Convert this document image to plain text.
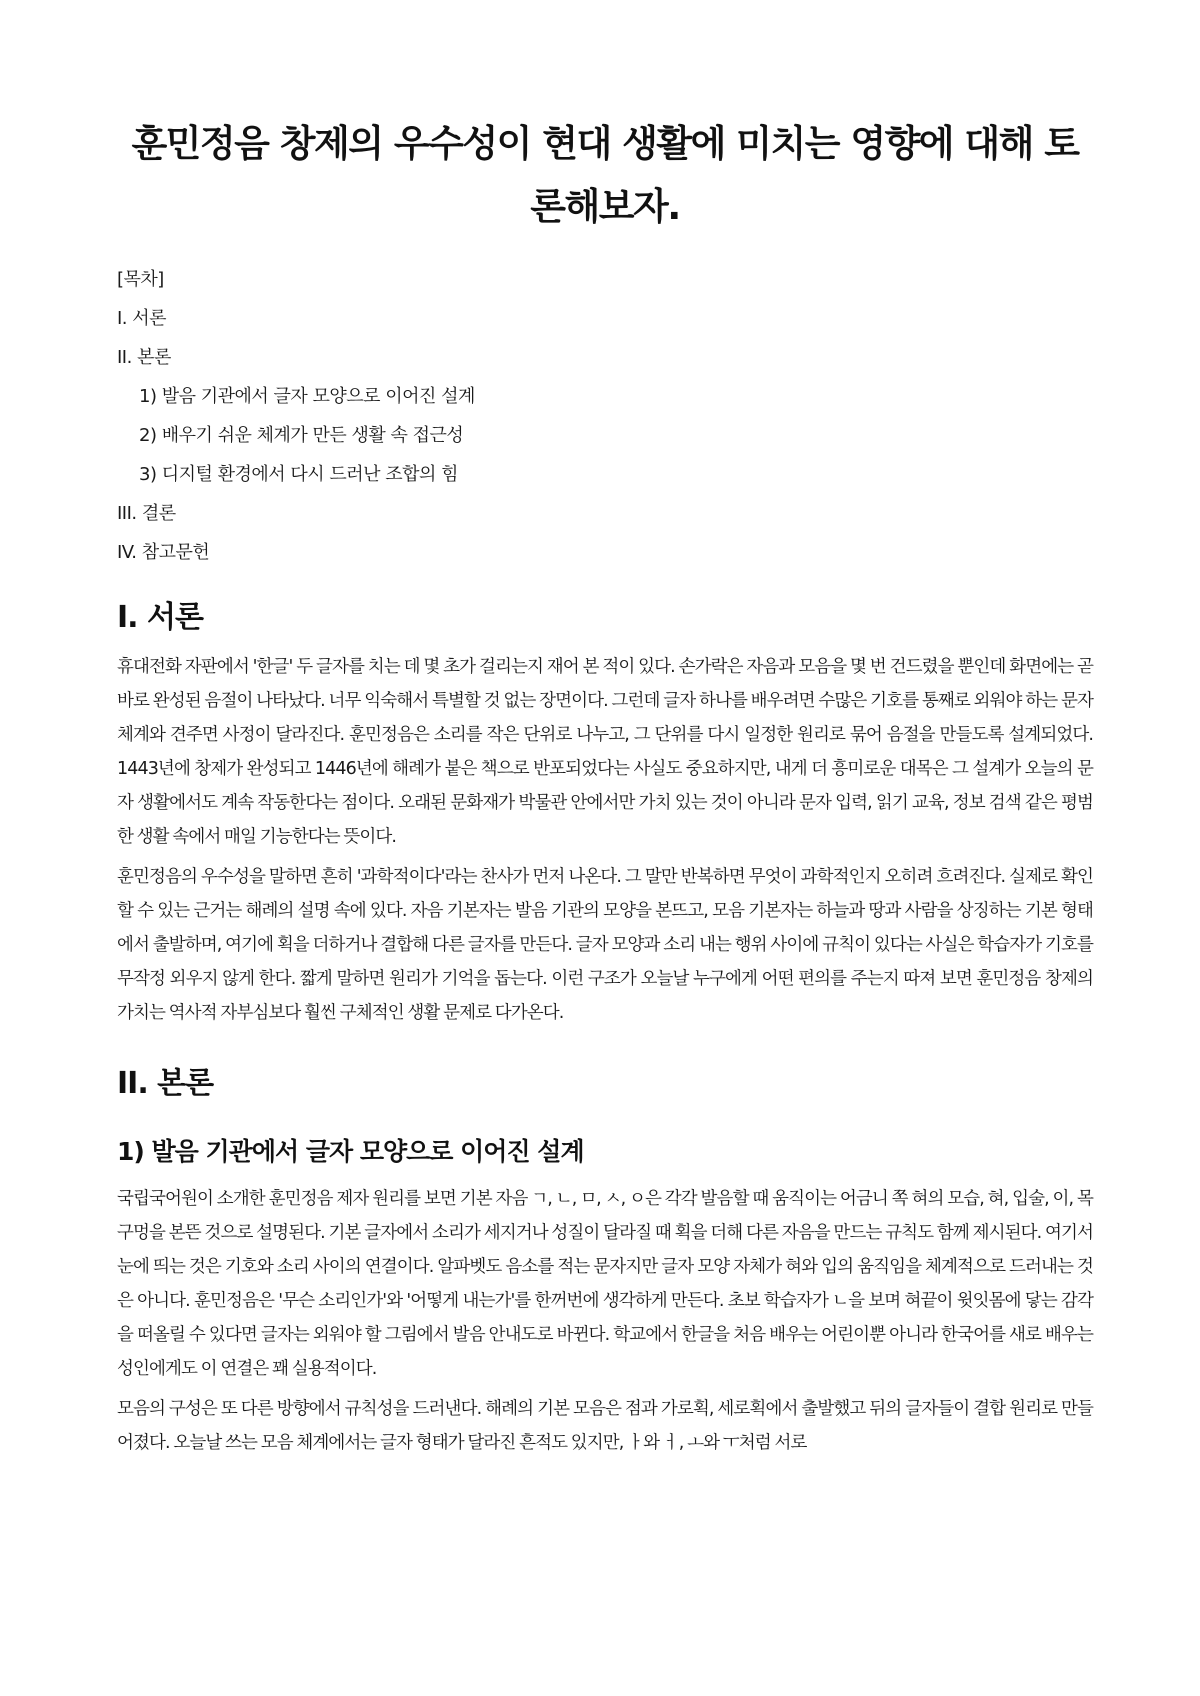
훈민정음 창제의 우수성이 현대 생활에 미치는 영향에 대해 토론해보자.
[목차]
I. 서론
II. 본론
1) 발음 기관에서 글자 모양으로 이어진 설계
2) 배우기 쉬운 체계가 만든 생활 속 접근성
3) 디지털 환경에서 다시 드러난 조합의 힘
III. 결론
IV. 참고문헌
I. 서론

휴대전화 자판에서 '한글' 두 글자를 치는 데 몇 초가 걸리는지 재어 본 적이 있다. 손가락은 자음과 모음을 몇 번 건드렸을 뿐인데 화면에는 곧바로 완성된 음절이 나타났다. 너무 익숙해서 특별할 것 없는 장면이다. 그런데 글자 하나를 배우려면 수많은 기호를 통째로 외워야 하는 문자 체계와 견주면 사정이 달라진다. 훈민정음은 소리를 작은 단위로 나누고, 그 단위를 다시 일정한 원리로 묶어 음절을 만들도록 설계되었다. 1443년에 창제가 완성되고 1446년에 해례가 붙은 책으로 반포되었다는 사실도 중요하지만, 내게 더 흥미로운 대목은 그 설계가 오늘의 문자 생활에서도 계속 작동한다는 점이다. 오래된 문화재가 박물관 안에서만 가치 있는 것이 아니라 문자 입력, 읽기 교육, 정보 검색 같은 평범한 생활 속에서 매일 기능한다는 뜻이다.

훈민정음의 우수성을 말하면 흔히 '과학적이다'라는 찬사가 먼저 나온다. 그 말만 반복하면 무엇이 과학적인지 오히려 흐려진다. 실제로 확인할 수 있는 근거는 해례의 설명 속에 있다. 자음 기본자는 발음 기관의 모양을 본뜨고, 모음 기본자는 하늘과 땅과 사람을 상징하는 기본 형태에서 출발하며, 여기에 획을 더하거나 결합해 다른 글자를 만든다. 글자 모양과 소리 내는 행위 사이에 규칙이 있다는 사실은 학습자가 기호를 무작정 외우지 않게 한다. 짧게 말하면 원리가 기억을 돕는다. 이런 구조가 오늘날 누구에게 어떤 편의를 주는지 따져 보면 훈민정음 창제의 가치는 역사적 자부심보다 훨씬 구체적인 생활 문제로 다가온다.

II. 본론
1) 발음 기관에서 글자 모양으로 이어진 설계

국립국어원이 소개한 훈민정음 제자 원리를 보면 기본 자음 ㄱ, ㄴ, ㅁ, ㅅ, ㅇ은 각각 발음할 때 움직이는 어금니 쪽 혀의 모습, 혀, 입술, 이, 목구멍을 본뜬 것으로 설명된다. 기본 글자에서 소리가 세지거나 성질이 달라질 때 획을 더해 다른 자음을 만드는 규칙도 함께 제시된다. 여기서 눈에 띄는 것은 기호와 소리 사이의 연결이다. 알파벳도 음소를 적는 문자지만 글자 모양 자체가 혀와 입의 움직임을 체계적으로 드러내는 것은 아니다. 훈민정음은 '무슨 소리인가'와 '어떻게 내는가'를 한꺼번에 생각하게 만든다. 초보 학습자가 ㄴ을 보며 혀끝이 윗잇몸에 닿는 감각을 떠올릴 수 있다면 글자는 외워야 할 그림에서 발음 안내도로 바뀐다. 학교에서 한글을 처음 배우는 어린이뿐 아니라 한국어를 새로 배우는 성인에게도 이 연결은 꽤 실용적이다.

모음의 구성은 또 다른 방향에서 규칙성을 드러낸다. 해례의 기본 모음은 점과 가로획, 세로획에서 출발했고 뒤의 글자들이 결합 원리로 만들어졌다. 오늘날 쓰는 모음 체계에서는 글자 형태가 달라진 흔적도 있지만, ㅏ와 ㅓ, ㅗ와 ㅜ처럼 서로
